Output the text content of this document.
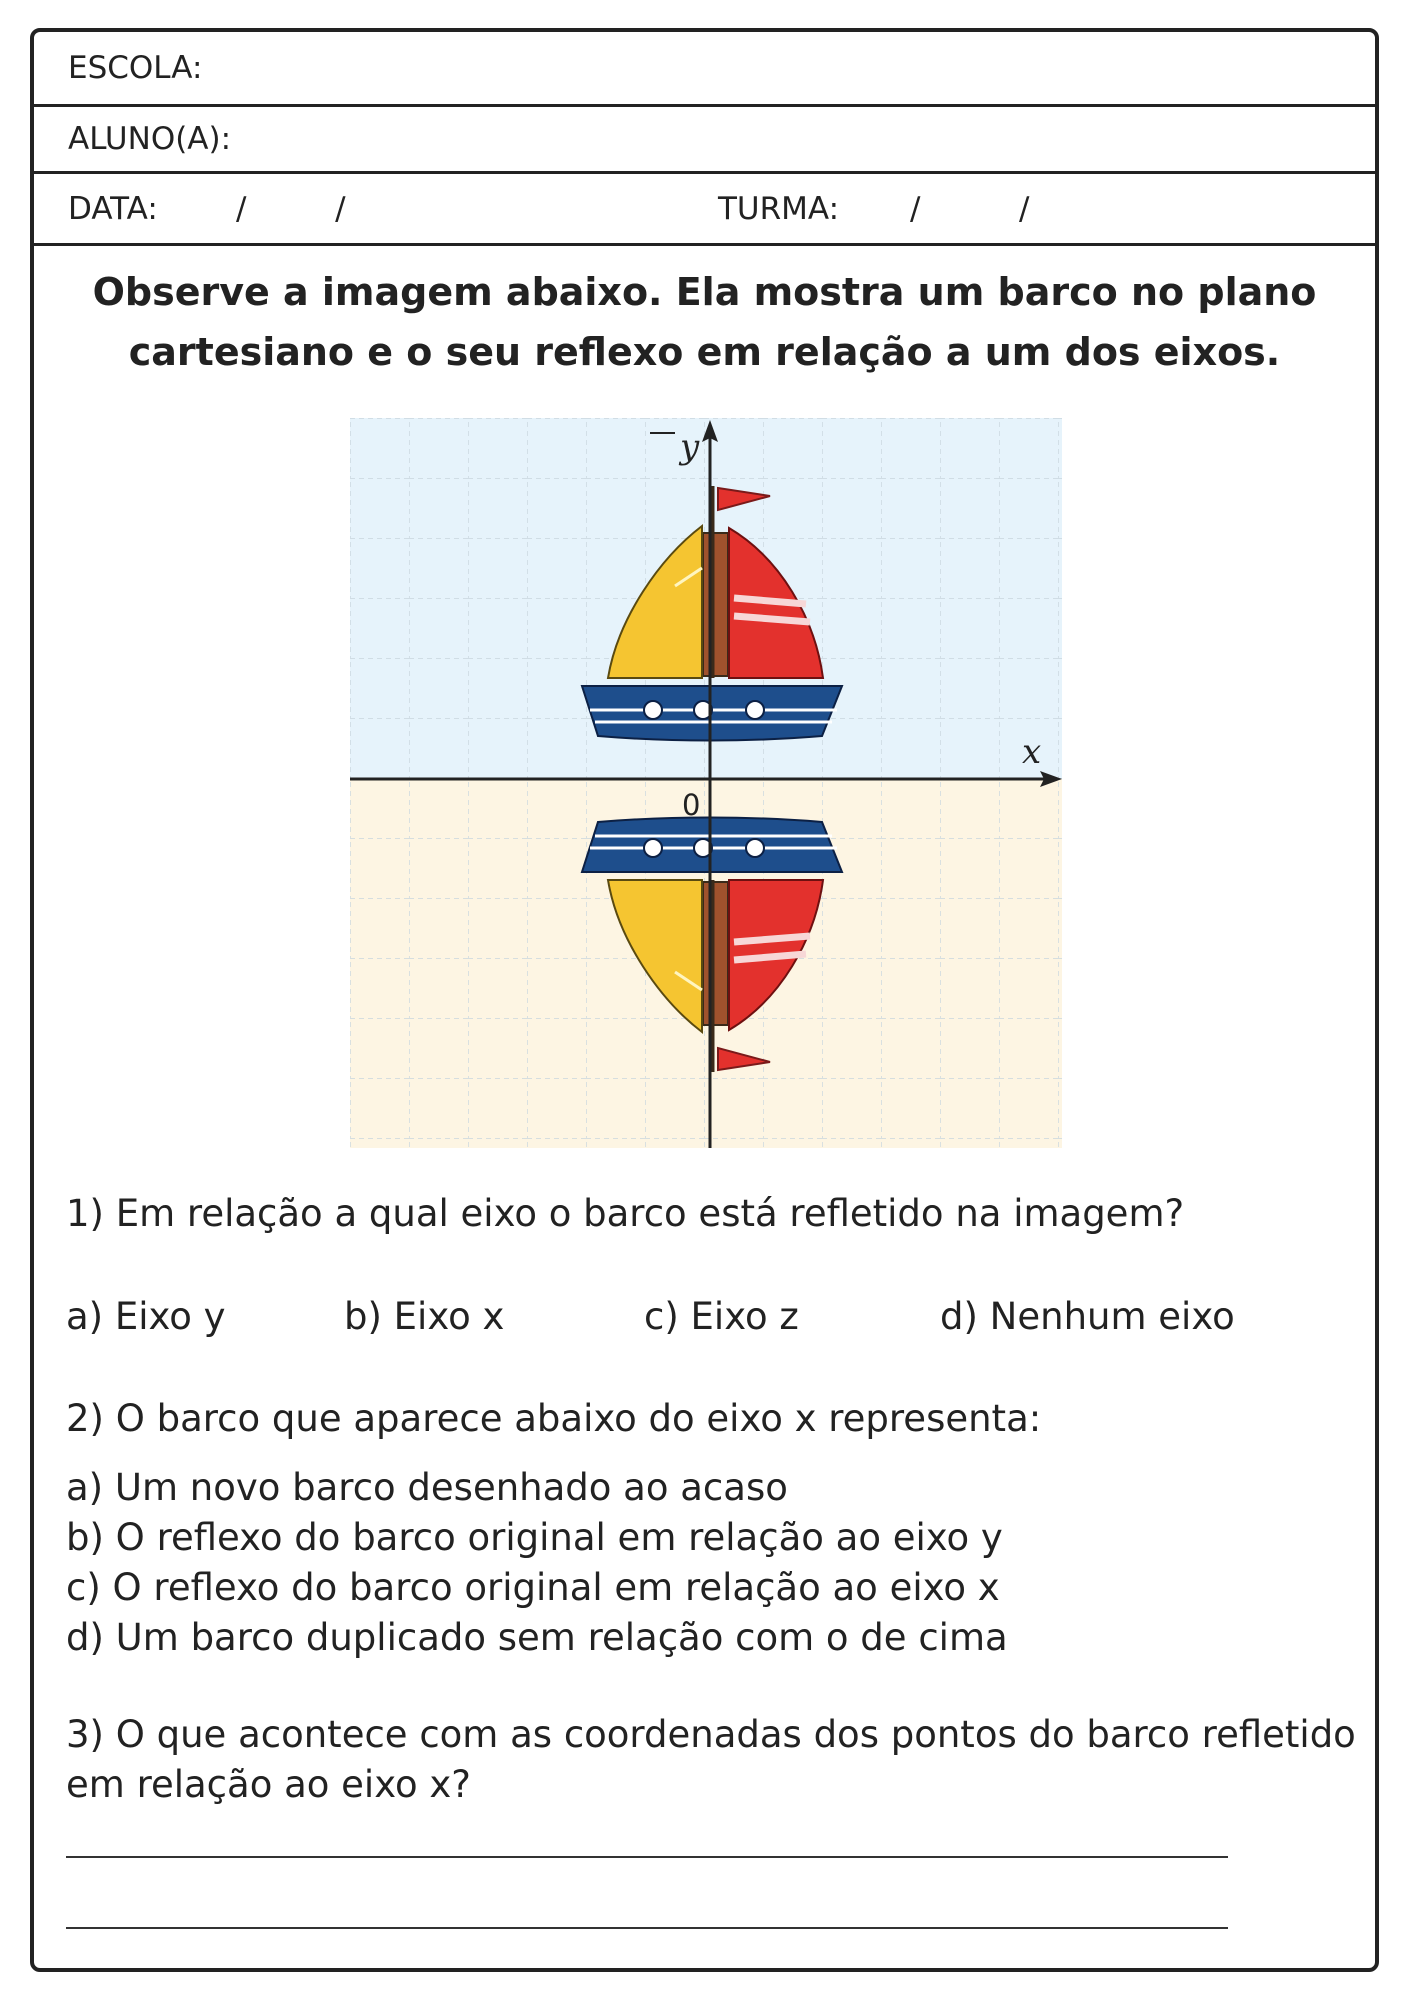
ESCOLA:
ALUNO(A):
DATA:	/         /	TURMA: /          /
Observe a imagem abaixo. Ela mostra um barco no plano
cartesiano e o seu reflexo em relação a um dos eixos.
y
x
0
1) Em relação a qual eixo o barco está refletido na imagem?
a) Eixo y	b) Eixo x	c) Eixo z	d) Nenhum eixo
2) O barco que aparece abaixo do eixo x representa:
a) Um novo barco desenhado ao acaso
b) O reflexo do barco original em relação ao eixo y
c) O reflexo do barco original em relação ao eixo x
d) Um barco duplicado sem relação com o de cima
3) O que acontece com as coordenadas dos pontos do barco refletido
em relação ao eixo x?
